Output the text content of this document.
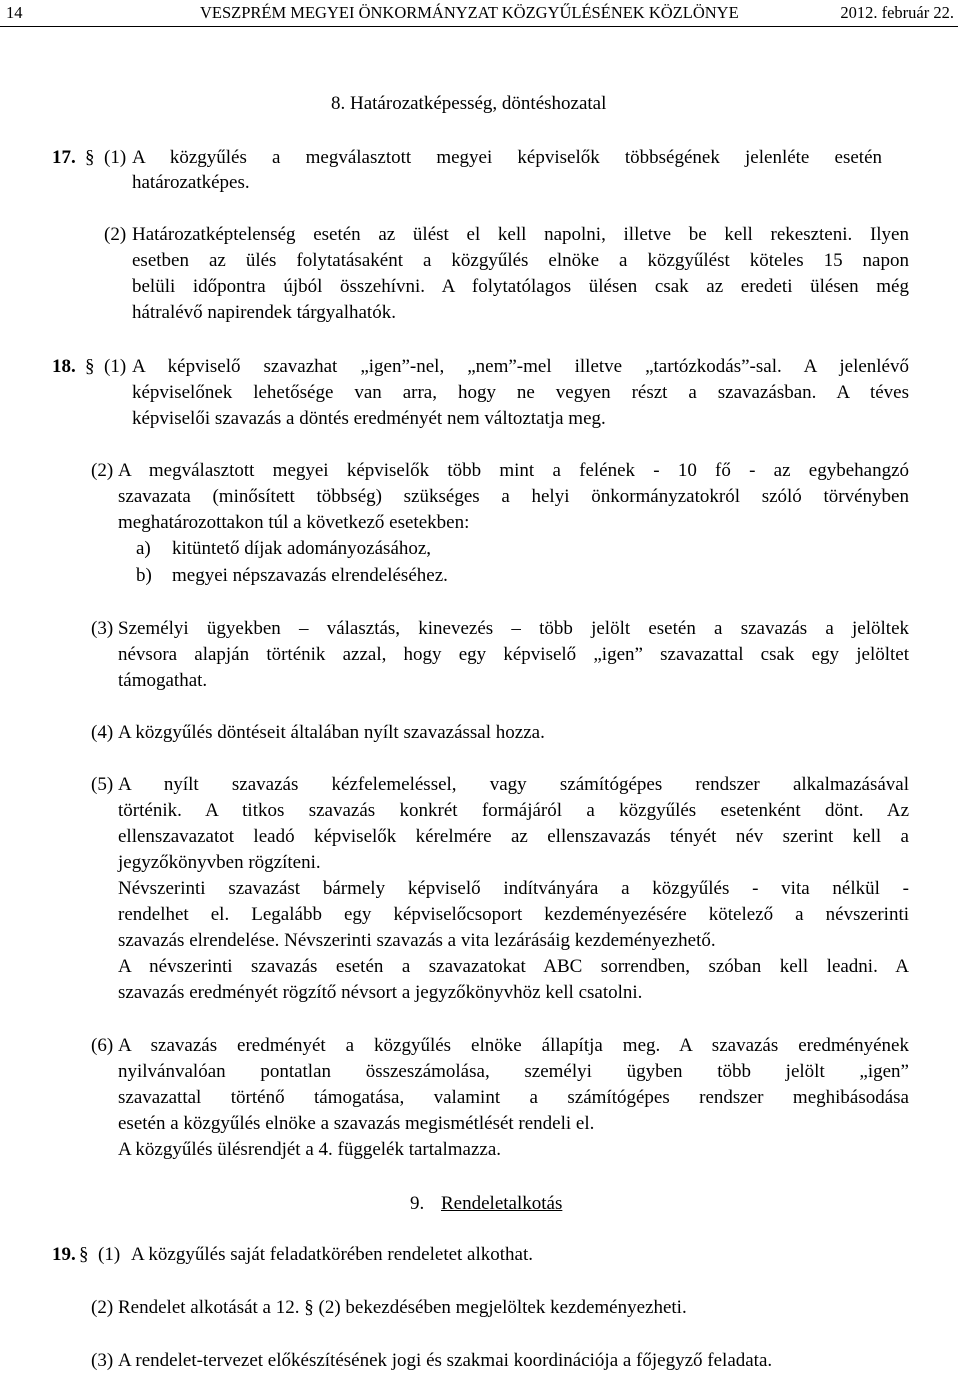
14	VESZPRÉM MEGYEI ÖNKORMÁNYZAT KÖZGYŰLÉSÉNEK KÖZLÖNYE	2012. február 22.
8. Határozatképesség, döntéshozatal
17. § (1) A közgyűlés a megválasztott megyei képviselők többségének jelenléte esetén
határozatképes.
(2) Határozatképtelenség esetén az ülést el kell napolni, illetve be kell rekeszteni. Ilyen
esetben az ülés folytatásaként a közgyűlés elnöke a közgyűlést köteles 15 napon
belüli időpontra újból összehívni. A folytatólagos ülésen csak az eredeti ülésen még
hátralévő napirendek tárgyalhatók.
18. § (1) A képviselő szavazhat „igen”-nel, „nem”-mel illetve „tartózkodás”-sal. A jelenlévő
képviselőnek lehetősége van arra, hogy ne vegyen részt a szavazásban. A téves
képviselői szavazás a döntés eredményét nem változtatja meg.
(2) A megválasztott megyei képviselők több mint a felének - 10 fő - az egybehangzó
szavazata (minősített többség) szükséges a helyi önkormányzatokról szóló törvényben
meghatározottakon túl a következő esetekben:
a) kitüntető díjak adományozásához,
b) megyei népszavazás elrendeléséhez.
(3) Személyi ügyekben – választás, kinevezés – több jelölt esetén a szavazás a jelöltek
névsora alapján történik azzal, hogy egy képviselő „igen” szavazattal csak egy jelöltet
támogathat.
(4) A közgyűlés döntéseit általában nyílt szavazással hozza.
(5) A nyílt szavazás kézfelemeléssel, vagy számítógépes rendszer alkalmazásával
történik. A titkos szavazás konkrét formájáról a közgyűlés esetenként dönt. Az
ellenszavazatot leadó képviselők kérelmére az ellenszavazás tényét név szerint kell a
jegyzőkönyvben rögzíteni.
Névszerinti szavazást bármely képviselő indítványára a közgyűlés - vita nélkül -
rendelhet el. Legalább egy képviselőcsoport kezdeményezésére kötelező a névszerinti
szavazás elrendelése. Névszerinti szavazás a vita lezárásáig kezdeményezhető.
A névszerinti szavazás esetén a szavazatokat ABC sorrendben, szóban kell leadni. A
szavazás eredményét rögzítő névsort a jegyzőkönyvhöz kell csatolni.
(6) A szavazás eredményét a közgyűlés elnöke állapítja meg. A szavazás eredményének
nyilvánvalóan pontatlan összeszámolása, személyi ügyben több jelölt „igen”
szavazattal történő támogatása, valamint a számítógépes rendszer meghibásodása
esetén a közgyűlés elnöke a szavazás megismétlését rendeli el.
A közgyűlés ülésrendjét a 4. függelék tartalmazza.
9. Rendeletalkotás
19. § (1) A közgyűlés saját feladatkörében rendeletet alkothat.
(2) Rendelet alkotását a 12. § (2) bekezdésében megjelöltek kezdeményezheti.
(3) A rendelet-tervezet előkészítésének jogi és szakmai koordinációja a főjegyző feladata.
